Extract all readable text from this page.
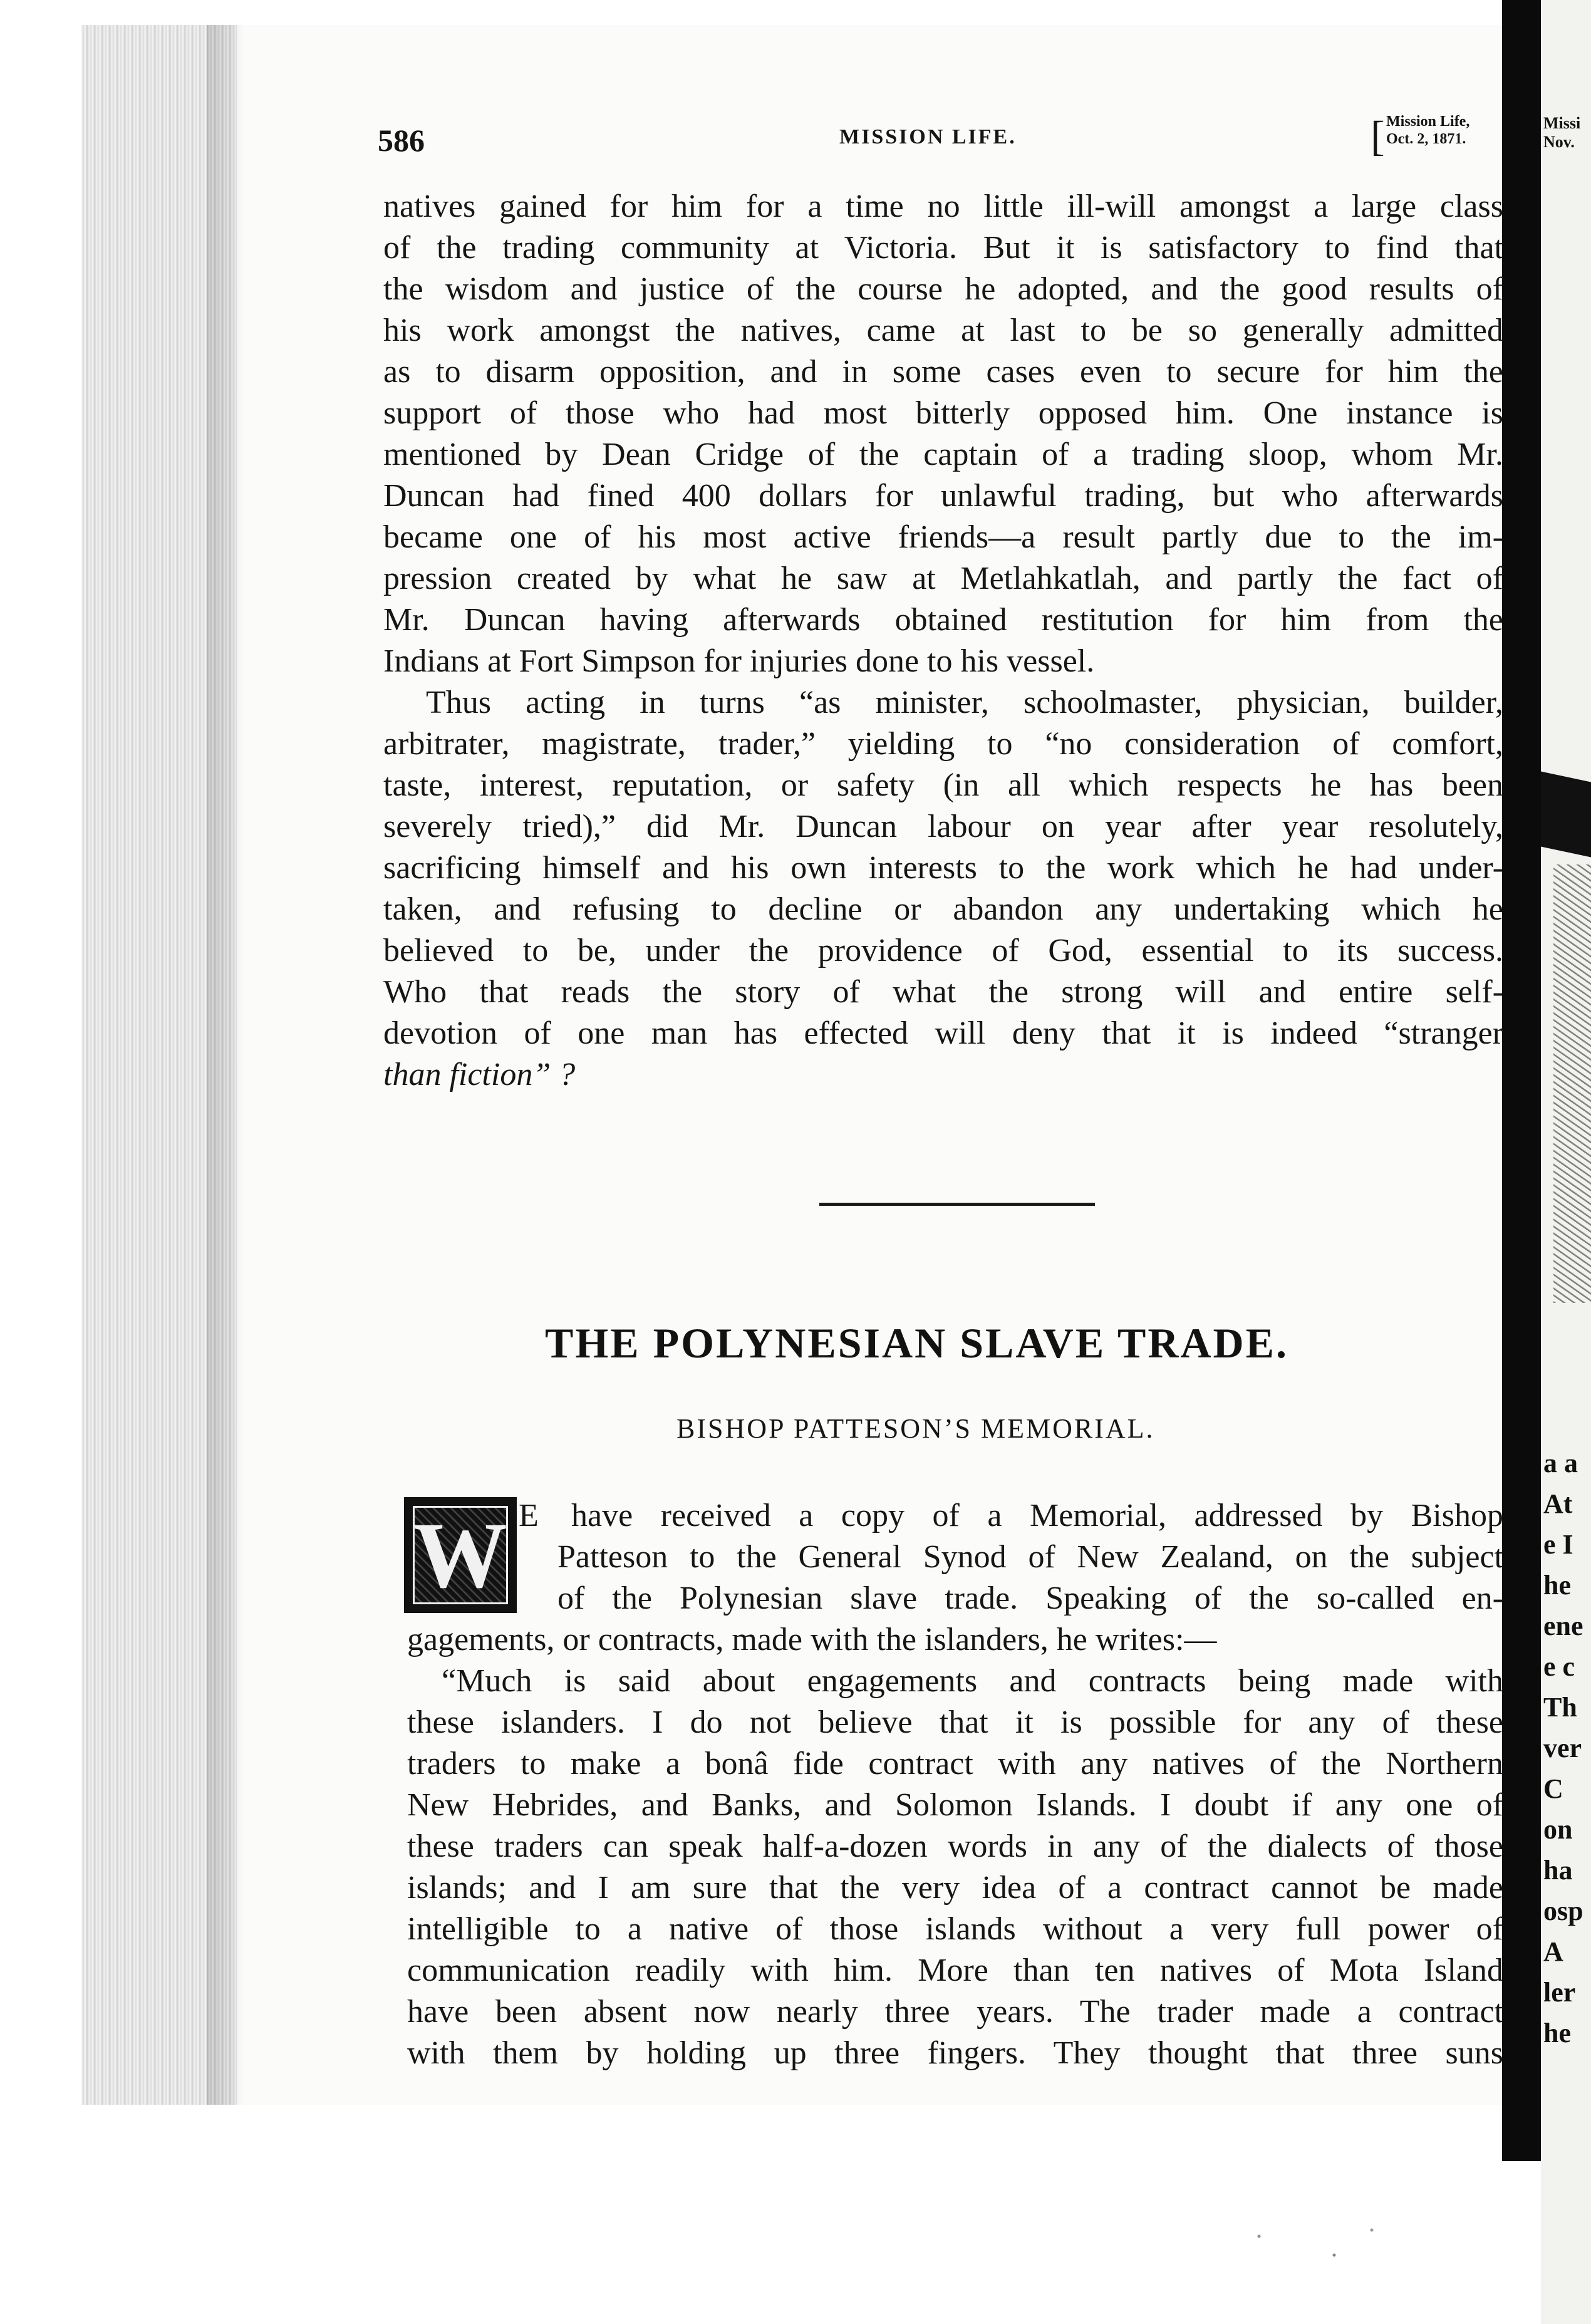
Missi
Nov.
a a
At
e I
he
ene
e c
Th
ver
C
on
ha
osp
A
ler
he
586	MISSION LIFE.	[ Mission Life,
Oct. 2, 1871.
natives gained for him for a time no little ill-will amongst a large class
of the trading community at Victoria. But it is satisfactory to find that
the wisdom and justice of the course he adopted, and the good results of
his work amongst the natives, came at last to be so generally admitted
as to disarm opposition, and in some cases even to secure for him the
support of those who had most bitterly opposed him. One instance is
mentioned by Dean Cridge of the captain of a trading sloop, whom Mr.
Duncan had fined 400 dollars for unlawful trading, but who afterwards
became one of his most active friends—a result partly due to the im-
pression created by what he saw at Metlahkatlah, and partly the fact of
Mr. Duncan having afterwards obtained restitution for him from the
Indians at Fort Simpson for injuries done to his vessel.
Thus acting in turns “as minister, schoolmaster, physician, builder,
arbitrater, magistrate, trader,” yielding to “no consideration of comfort,
taste, interest, reputation, or safety (in all which respects he has been
severely tried),” did Mr. Duncan labour on year after year resolutely,
sacrificing himself and his own interests to the work which he had under-
taken, and refusing to decline or abandon any undertaking which he
believed to be, under the providence of God, essential to its success.
Who that reads the story of what the strong will and entire self-
devotion of one man has effected will deny that it is indeed “stranger
than fiction” ?
THE POLYNESIAN SLAVE TRADE.
BISHOP PATTESON’S MEMORIAL.
W E have received a copy of a Memorial, addressed by Bishop
Patteson to the General Synod of New Zealand, on the subject
of the Polynesian slave trade. Speaking of the so-called en-
gagements, or contracts, made with the islanders, he writes:—
“Much is said about engagements and contracts being made with
these islanders. I do not believe that it is possible for any of these
traders to make a bonâ fide contract with any natives of the Northern
New Hebrides, and Banks, and Solomon Islands. I doubt if any one of
these traders can speak half-a-dozen words in any of the dialects of those
islands; and I am sure that the very idea of a contract cannot be made
intelligible to a native of those islands without a very full power of
communication readily with him. More than ten natives of Mota Island
have been absent now nearly three years. The trader made a contract
with them by holding up three fingers. They thought that three suns
